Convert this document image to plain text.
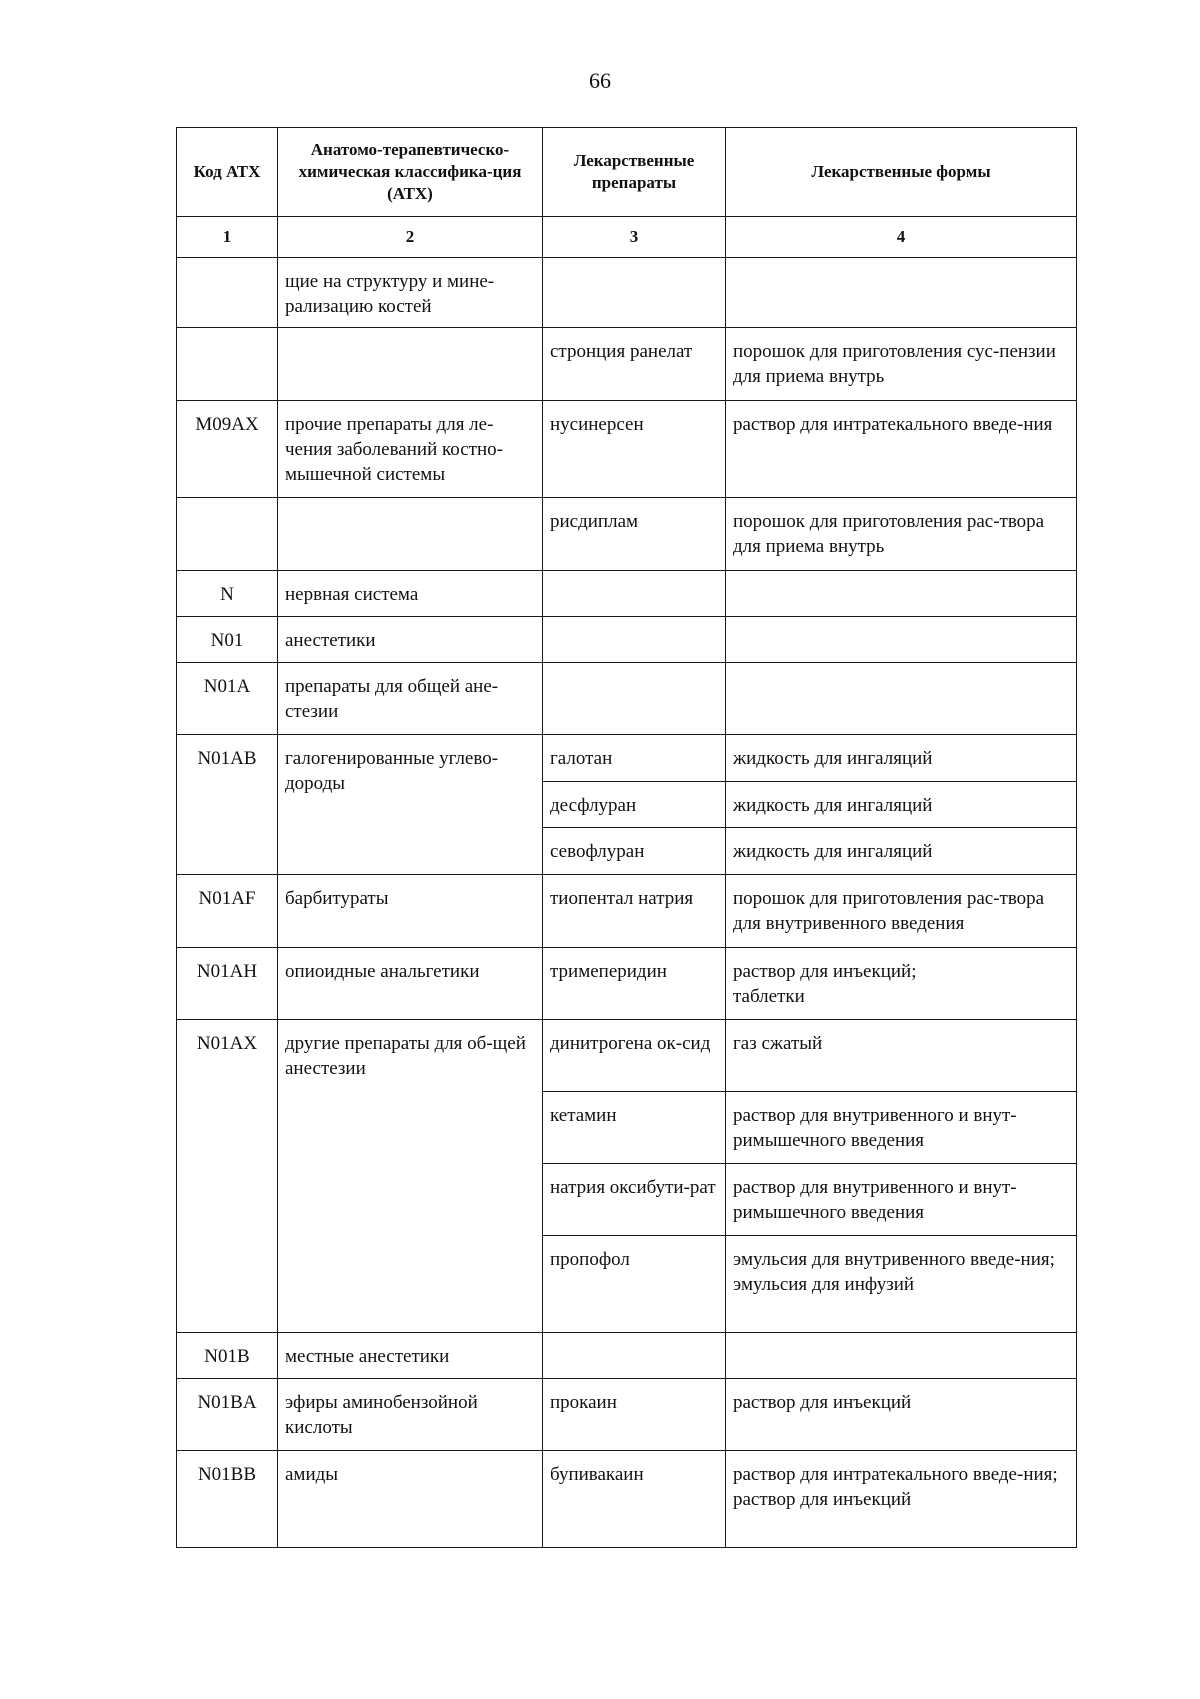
66
Код АТХ	Анатомо-терапевтическо-химическая классифика-ция (АТХ)	Лекарственные препараты	Лекарственные формы
1	2	3	4
	щие на структуру и мине-рализацию костей		
		стронция ранелат	порошок для приготовления сус-пензии для приема внутрь

M09AX	прочие препараты для ле-чения заболеваний костно-мышечной системы	нусинерсен	раствор для интратекального введе-ния

		рисдиплам	порошок для приготовления рас-твора для приема внутрь

N	нервная система		
N01	анестетики		
N01A	препараты для общей ане-стезии		
N01AB	галогенированные углево-дороды	галотан	жидкость для ингаляций

		десфлуран	жидкость для ингаляций

		севофлуран	жидкость для ингаляций

N01AF	барбитураты	тиопентал натрия	порошок для приготовления рас-твора для внутривенного введения

N01AH	опиоидные анальгетики	тримеперидин	раствор для инъекций;
таблетки

N01AX	другие препараты для об-щей анестезии	динитрогена ок-сид	газ сжатый

		кетамин	раствор для внутривенного и внут-римышечного введения

		натрия оксибути-рат	раствор для внутривенного и внут-римышечного введения

		пропофол	эмульсия для внутривенного введе-ния;
эмульсия для инфузий

N01B	местные анестетики		
N01BA	эфиры аминобензойной кислоты	прокаин	раствор для инъекций

N01BB	амиды	бупивакаин	раствор для интратекального введе-ния;
раствор для инъекций
